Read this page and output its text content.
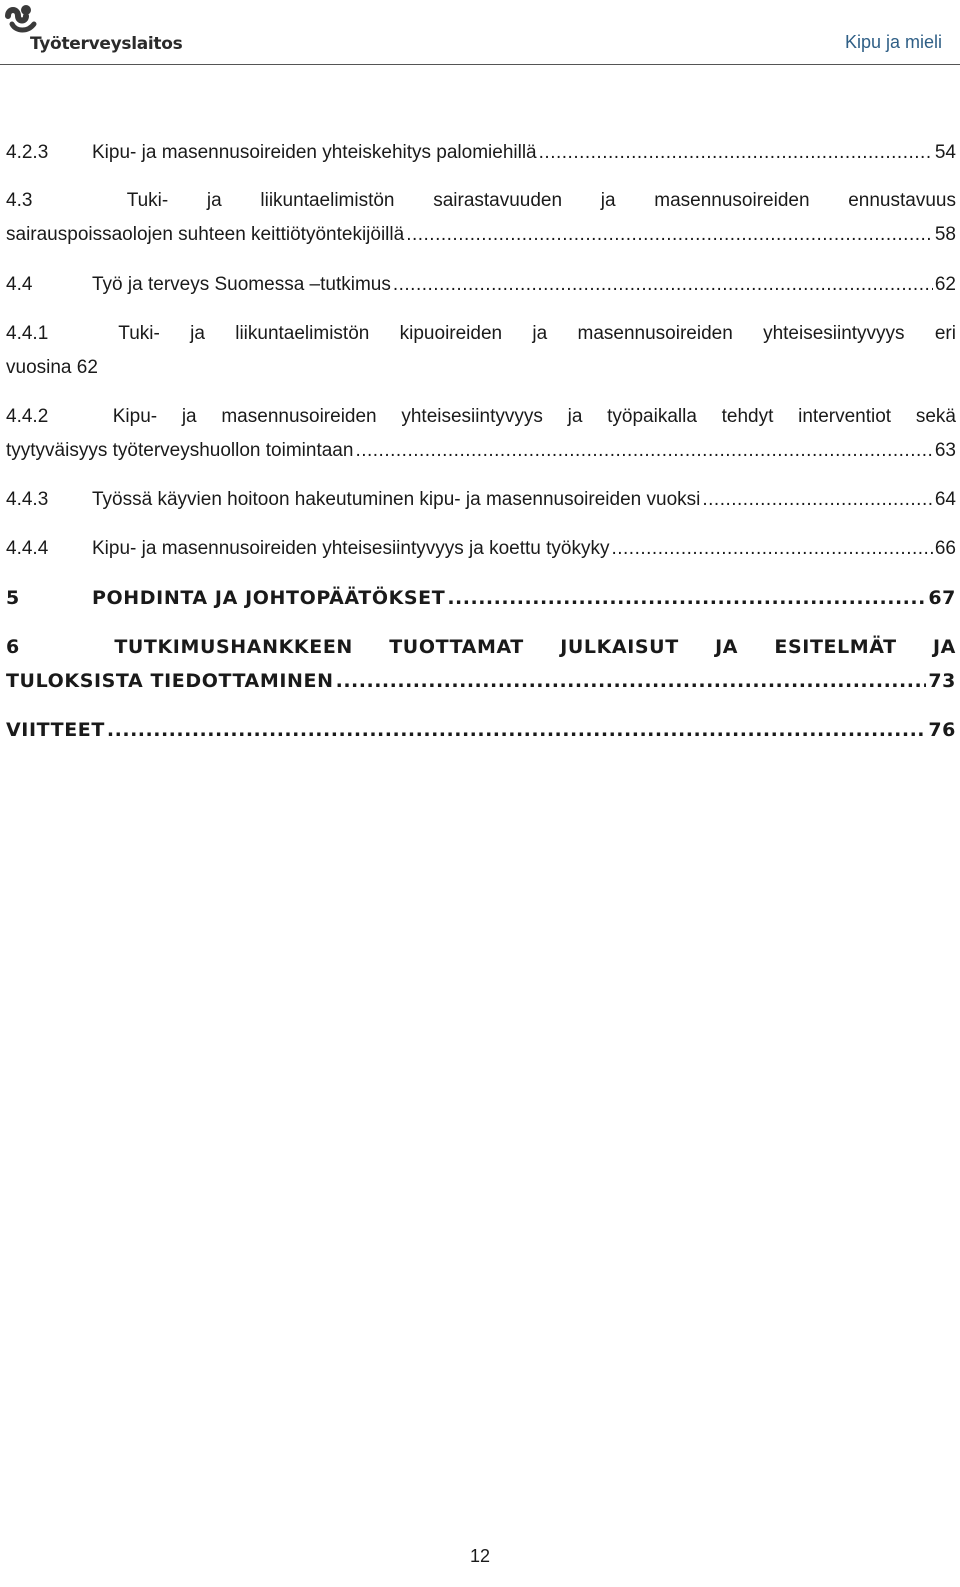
Työterveyslaitos	Kipu ja mieli
4.2.3	Kipu- ja masennusoireiden yhteiskehitys palomiehillä .....	54
4.3	Tuki- ja liikuntaelimistön sairastavuuden ja masennusoireiden ennustavuus
sairauspoissaolojen suhteen keittiötyöntekijöillä .....	58
4.4	Työ ja terveys Suomessa –tutkimus .....	62
4.4.1	Tuki- ja liikuntaelimistön kipuoireiden ja masennusoireiden yhteisesiintyvyys eri
vuosina 62
4.4.2	Kipu- ja masennusoireiden yhteisesiintyvyys ja työpaikalla tehdyt interventiot sekä
tyytyväisyys työterveyshuollon toimintaan .....	63
4.4.3	Työssä käyvien hoitoon hakeutuminen kipu- ja masennusoireiden vuoksi .....	64
4.4.4	Kipu- ja masennusoireiden yhteisesiintyvyys ja koettu työkyky .....	66
5	POHDINTA JA JOHTOPÄÄTÖKSET .....	67
6	TUTKIMUSHANKKEEN TUOTTAMAT JULKAISUT JA ESITELMÄT JA
TULOKSISTA TIEDOTTAMINEN .....	73
VIITTEET .....	76
12
